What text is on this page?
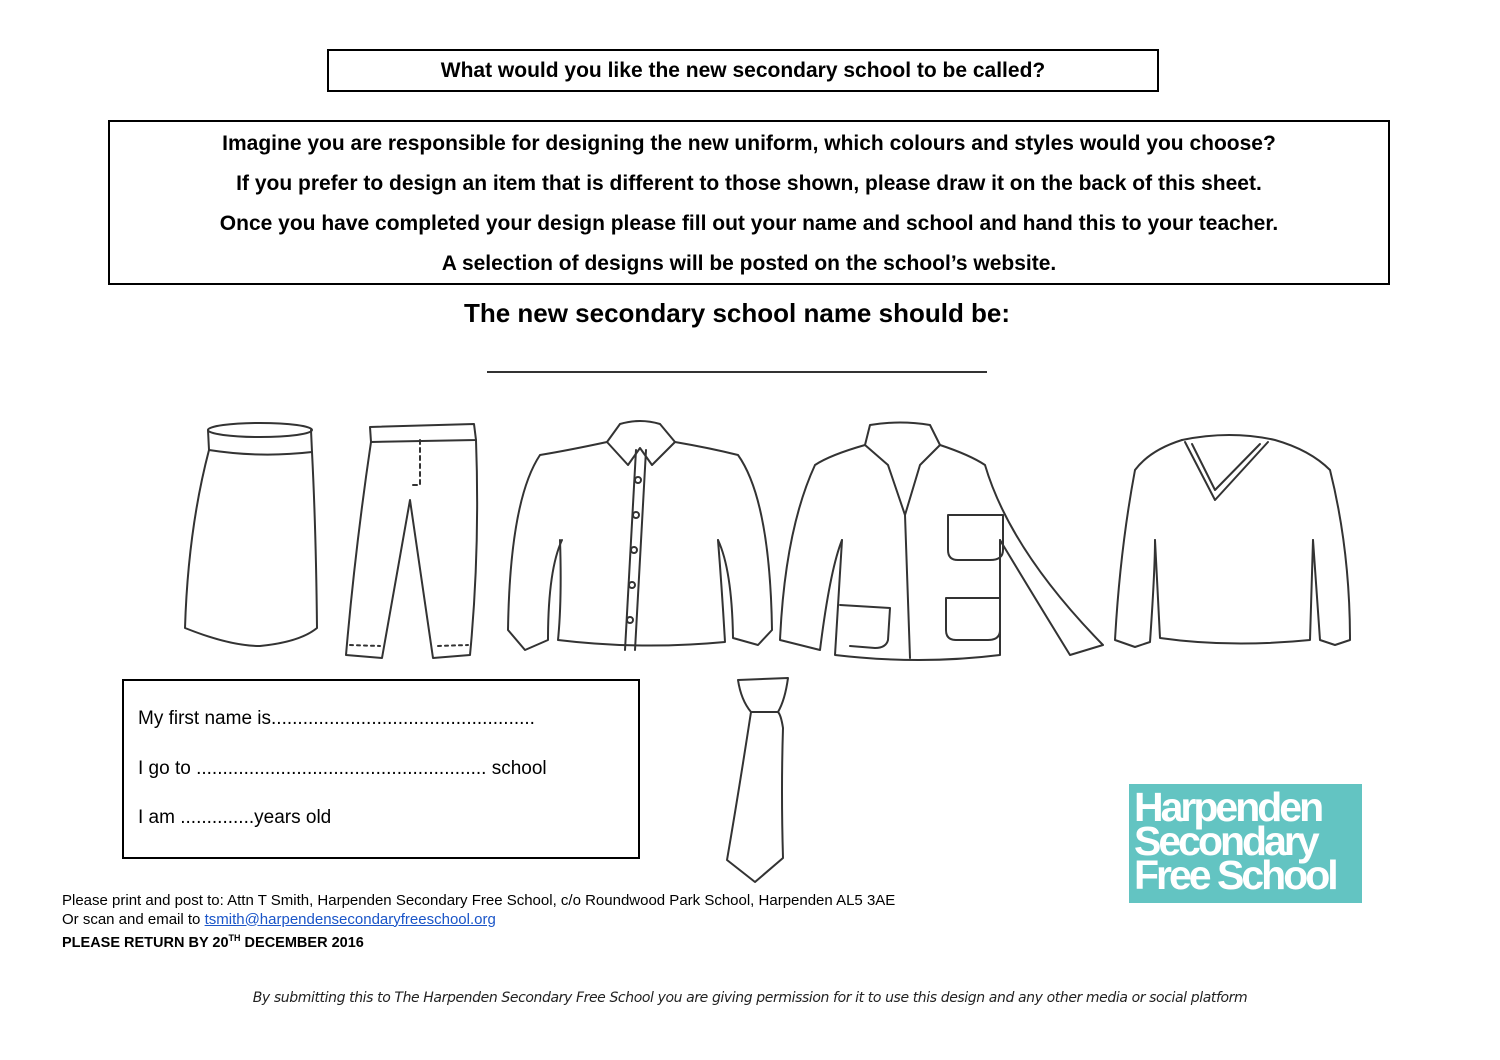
What would you like the new secondary school to be called?
Imagine you are responsible for designing the new uniform, which colours and styles would you choose?
If you prefer to design an item that is different to those shown, please draw it on the back of this sheet.
Once you have completed your design please fill out your name and school and hand this to your teacher.
A selection of designs will be posted on the school’s website.
The new secondary school name should be:
My first name is..................................................
I go to ....................................................... school
I am ..............years old	Harpenden
Secondary
Free School
Please print and post to: Attn T Smith, Harpenden Secondary Free School, c/o Roundwood Park School, Harpenden AL5 3AE
Or scan and email to tsmith@harpendensecondaryfreeschool.org
PLEASE RETURN BY 20TH DECEMBER 2016
By submitting this to The Harpenden Secondary Free School you are giving permission for it to use this design and any other media or social platform
